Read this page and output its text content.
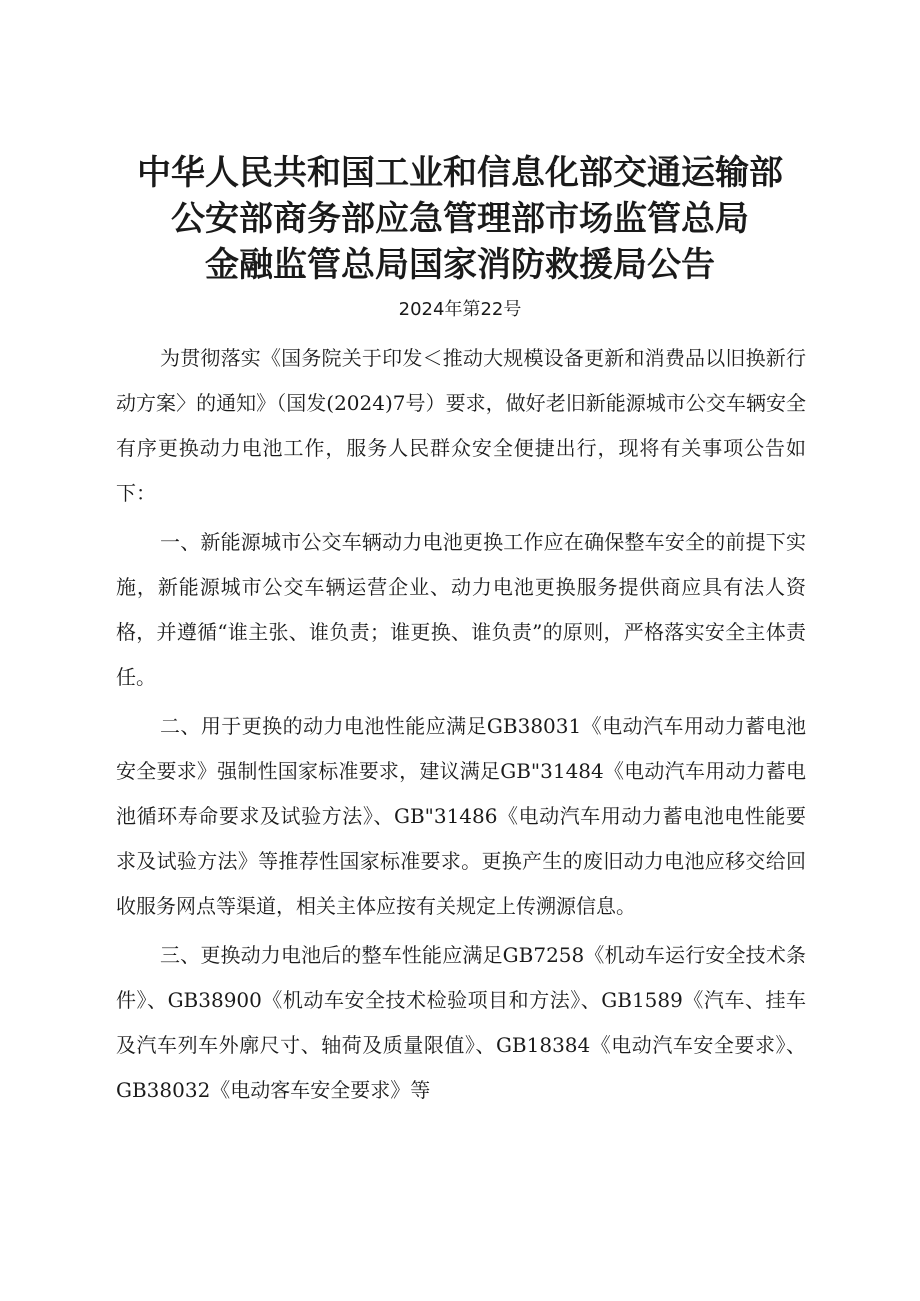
中华人民共和国工业和信息化部交通运输部
公安部商务部应急管理部市场监管总局
金融监管总局国家消防救援局公告
2024年第22号

为贯彻落实《国务院关于印发＜推动大规模设备更新和消费品以旧换新行动方案〉的通知》（国发(2024)7号）要求，做好老旧新能源城市公交车辆安全有序更换动力电池工作，服务人民群众安全便捷出行，现将有关事项公告如下：

一、新能源城市公交车辆动力电池更换工作应在确保整车安全的前提下实施，新能源城市公交车辆运营企业、动力电池更换服务提供商应具有法人资格，并遵循“谁主张、谁负责；谁更换、谁负责”的原则，严格落实安全主体责任。

二、用于更换的动力电池性能应满足GB38031《电动汽车用动力蓄电池安全要求》强制性国家标准要求，建议满足GB"31484《电动汽车用动力蓄电池循环寿命要求及试验方法》、GB"31486《电动汽车用动力蓄电池电性能要求及试验方法》等推荐性国家标准要求。更换产生的废旧动力电池应移交给回收服务网点等渠道，相关主体应按有关规定上传溯源信息。

三、更换动力电池后的整车性能应满足GB7258《机动车运行安全技术条件》、GB38900《机动车安全技术检验项目和方法》、GB1589《汽车、挂车及汽车列车外廓尺寸、轴荷及质量限值》、GB18384《电动汽车安全要求》、GB38032《电动客车安全要求》等
